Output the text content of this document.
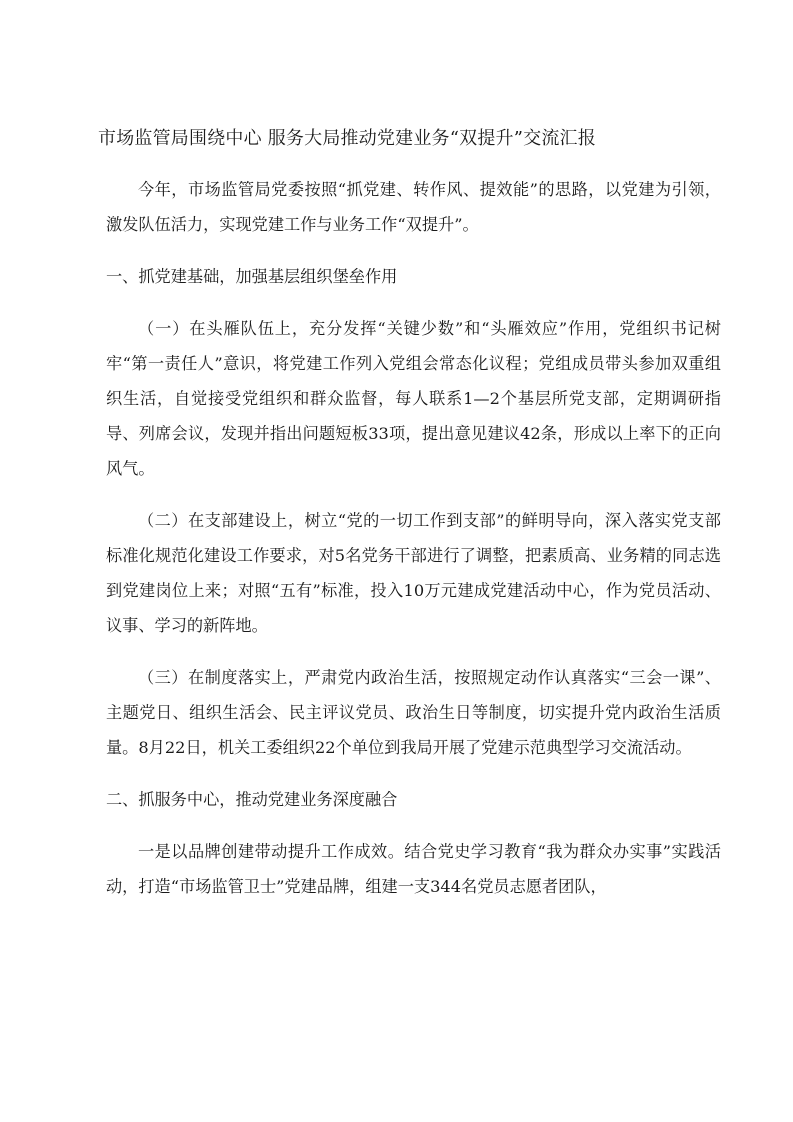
市场监管局围绕中心 服务大局推动党建业务“双提升”交流汇报

今年，市场监管局党委按照“抓党建、转作风、提效能”的思路，以党建为引领，激发队伍活力，实现党建工作与业务工作“双提升”。

一、抓党建基础，加强基层组织堡垒作用

（一）在头雁队伍上，充分发挥“关键少数”和“头雁效应”作用，党组织书记树牢“第一责任人”意识，将党建工作列入党组会常态化议程；党组成员带头参加双重组织生活，自觉接受党组织和群众监督，每人联系1—2个基层所党支部，定期调研指导、列席会议，发现并指出问题短板33项，提出意见建议42条，形成以上率下的正向风气。

（二）在支部建设上，树立“党的一切工作到支部”的鲜明导向，深入落实党支部标准化规范化建设工作要求，对5名党务干部进行了调整，把素质高、业务精的同志选到党建岗位上来；对照“五有”标准，投入10万元建成党建活动中心，作为党员活动、议事、学习的新阵地。

（三）在制度落实上，严肃党内政治生活，按照规定动作认真落实“三会一课”、主题党日、组织生活会、民主评议党员、政治生日等制度，切实提升党内政治生活质量。8月22日，机关工委组织22个单位到我局开展了党建示范典型学习交流活动。

二、抓服务中心，推动党建业务深度融合

一是以品牌创建带动提升工作成效。结合党史学习教育“我为群众办实事”实践活动，打造“市场监管卫士”党建品牌，组建一支344名党员志愿者团队，
